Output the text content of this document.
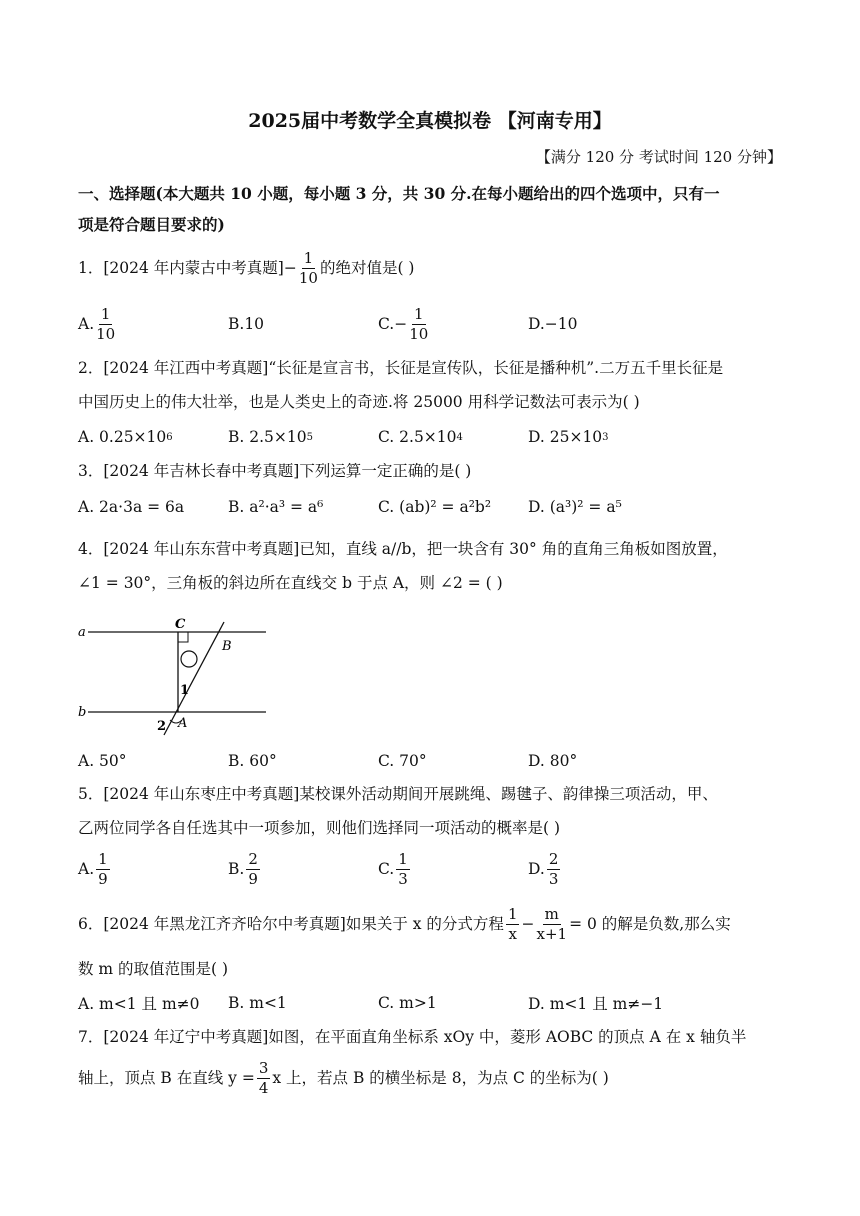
2025届中考数学全真模拟卷 【河南专用】
【满分 120 分 考试时间 120 分钟】
一、选择题(本大题共 10 小题，每小题 3 分，共 30 分.在每小题给出的四个选项中，只有一
项是符合题目要求的)
1．[2024 年内蒙古中考真题] − $\frac{1}{10}$ 的绝对值是( )
A. $\frac{1}{10}$	B.10	C. − $\frac{1}{10}$	D.−10
2．[2024 年江西中考真题]“长征是宣言书，长征是宣传队，长征是播种机”.二万五千里长征是
中国历史上的伟大壮举，也是人类史上的奇迹.将 25000 用科学记数法可表示为( )
A. 0.25×10 6	B. 2.5×10 5	C. 2.5×10 4	D. 25×10 3
3．[2024 年吉林长春中考真题]下列运算一定正确的是( )
A. 2a·3a = 6a	B. a²·a³ = a⁶	C. (ab)² = a²b²	D. (a³)² = a⁵
4．[2024 年山东东营中考真题]已知，直线 a//b，把一块含有 30° 角的直角三角板如图放置，
∠1 = 30°，三角板的斜边所在直线交 b 于点 A，则 ∠2 = ( )
a
b
C
B
A
1
2
A. 50°	B. 60°	C. 70°	D. 80°
5．[2024 年山东枣庄中考真题]某校课外活动期间开展跳绳、踢毽子、韵律操三项活动，甲、
乙两位同学各自任选其中一项参加，则他们选择同一项活动的概率是( )
A. $\frac{1}{9}$	B. $\frac{2}{9}$	C. $\frac{1}{3}$	D. $\frac{2}{3}$
6．[2024 年黑龙江齐齐哈尔中考真题]如果关于 x 的分式方程 $\frac{1}{x} - \frac{m}{x+1} = 0$ 的解是负数,那么实
数 m 的取值范围是( )
A. m<1 且 m≠0	B. m<1	C. m>1	D. m<1 且 m≠−1
7．[2024 年辽宁中考真题]如图，在平面直角坐标系 xOy 中，菱形 AOBC 的顶点 A 在 x 轴负半
轴上，顶点 B 在直线 $y = \frac{3}{4}$ x 上，若点 B 的横坐标是 8，为点 C 的坐标为( )
